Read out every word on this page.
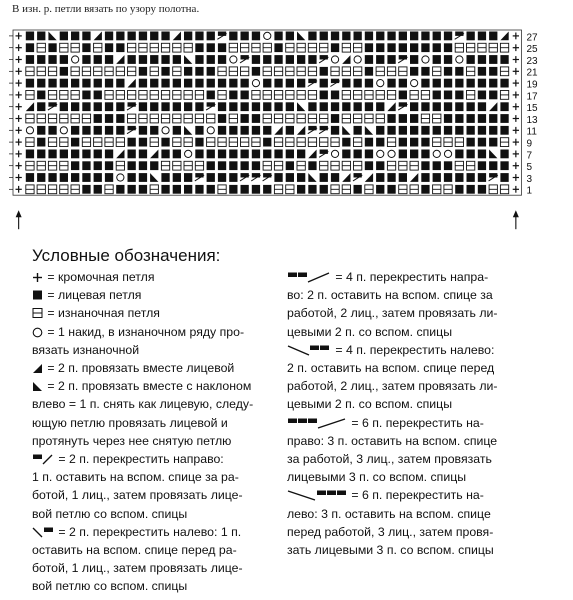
В изн. р. петли вязать по узору полотна.
27
25
23
21
19
17
15
13
11
9
7
5
3
1
Условные обозначения:
= кромочная петля
= лицевая петля
= изнаночная петля
= 1 накид, в изнаночном ряду про-
вязать изнаночной
= 2 п. провязать вместе лицевой
= 2 п. провязать вместе с наклоном
влево = 1 п. снять как лицевую, следу-
ющую петлю провязать лицевой и
протянуть через нее снятую петлю
= 2 п. перекрестить направо:
1 п. оставить на вспом. спице за ра-
ботой, 1 лиц., затем провязать лице-
вой петлю со вспом. спицы
= 2 п. перекрестить налево: 1 п.
оставить на вспом. спице перед ра-
ботой, 1 лиц., затем провязать лице-
вой петлю со вспом. спицы
= 4 п. перекрестить напра-
во: 2 п. оставить на вспом. спице за
работой, 2 лиц., затем провязать ли-
цевыми 2 п. со вспом. спицы
= 4 п. перекрестить налево:
2 п. оставить на вспом. спице перед
работой, 2 лиц., затем провязать ли-
цевыми 2 п. со вспом. спицы
= 6 п. перекрестить на-
право: 3 п. оставить на вспом. спице
за работой, 3 лиц., затем провязать
лицевыми 3 п. со вспом. спицы
= 6 п. перекрестить на-
лево: 3 п. оставить на вспом. спице
перед работой, 3 лиц., затем провя-
зать лицевыми 3 п. со вспом. спицы
